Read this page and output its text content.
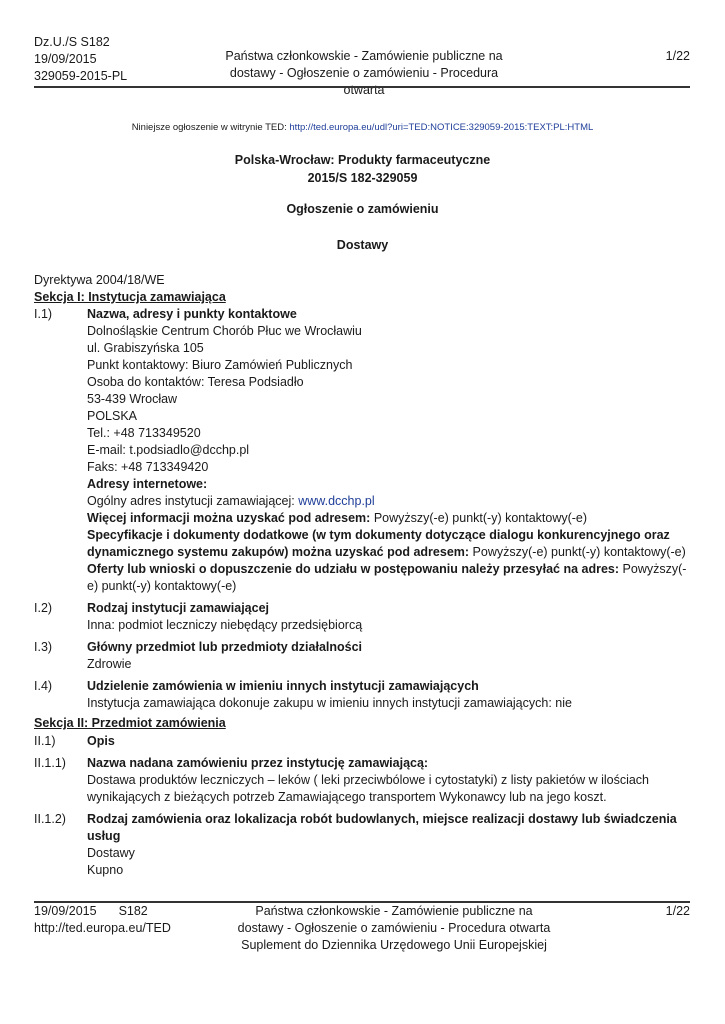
Dz.U./S S182
19/09/2015
329059-2015-PL
Państwa członkowskie - Zamówienie publiczne na
dostawy - Ogłoszenie o zamówieniu - Procedura otwarta
1/22
Niniejsze ogłoszenie w witrynie TED: http://ted.europa.eu/udl?uri=TED:NOTICE:329059-2015:TEXT:PL:HTML
Polska-Wrocław: Produkty farmaceutyczne
2015/S 182-329059
Ogłoszenie o zamówieniu
Dostawy
Dyrektywa 2004/18/WE
Sekcja I: Instytucja zamawiająca
I.1)	Nazwa, adresy i punkty kontaktowe
Dolnośląskie Centrum Chorób Płuc we Wrocławiu
ul. Grabiszyńska 105
Punkt kontaktowy: Biuro Zamówień Publicznych
Osoba do kontaktów: Teresa Podsiadło
53-439 Wrocław
POLSKA
Tel.: +48 713349520
E-mail: t.podsiadlo@dcchp.pl
Faks: +48 713349420
Adresy internetowe:
Ogólny adres instytucji zamawiającej: www.dcchp.pl
Więcej informacji można uzyskać pod adresem: Powyższy(-e) punkt(-y) kontaktowy(-e)
Specyfikacje i dokumenty dodatkowe (w tym dokumenty dotyczące dialogu konkurencyjnego oraz
dynamicznego systemu zakupów) można uzyskać pod adresem: Powyższy(-e) punkt(-y) kontaktowy(-e)
Oferty lub wnioski o dopuszczenie do udziału w postępowaniu należy przesyłać na adres: Powyższy(-e) punkt(-y) kontaktowy(-e)
I.2)	Rodzaj instytucji zamawiającej
Inna: podmiot leczniczy niebędący przedsiębiorcą
I.3)	Główny przedmiot lub przedmioty działalności
Zdrowie
I.4)	Udzielenie zamówienia w imieniu innych instytucji zamawiających
Instytucja zamawiająca dokonuje zakupu w imieniu innych instytucji zamawiających: nie
Sekcja II: Przedmiot zamówienia
II.1)	Opis
II.1.1)	Nazwa nadana zamówieniu przez instytucję zamawiającą:
Dostawa produktów leczniczych – leków ( leki przeciwbólowe i cytostatyki) z listy pakietów w ilościach
wynikających z bieżących potrzeb Zamawiającego transportem Wykonawcy lub na jego koszt.
II.1.2)	Rodzaj zamówienia oraz lokalizacja robót budowlanych, miejsce realizacji dostawy lub świadczenia
usług
Dostawy
Kupno
19/09/2015 S182
http://ted.europa.eu/TED
Państwa członkowskie - Zamówienie publiczne na
dostawy - Ogłoszenie o zamówieniu - Procedura otwarta
Suplement do Dziennika Urzędowego Unii Europejskiej
1/22
